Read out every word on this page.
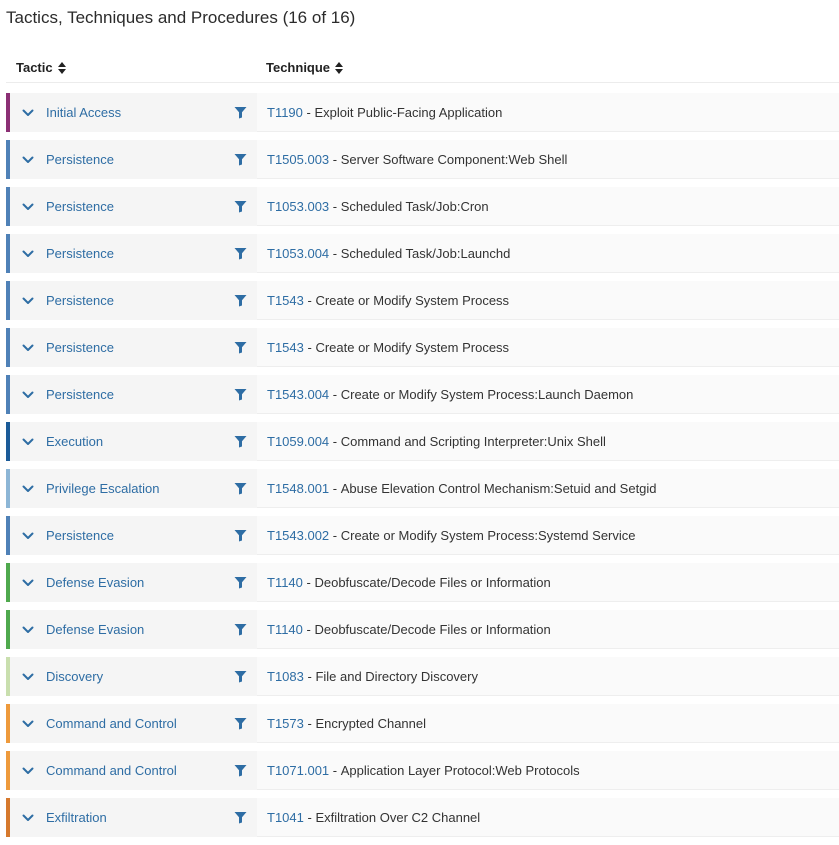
Tactics, Techniques and Procedures (16 of 16)
Tactic	Technique
Initial Access	T1190 - Exploit Public-Facing Application
Persistence	T1505.003 - Server Software Component:Web Shell
Persistence	T1053.003 - Scheduled Task/Job:Cron
Persistence	T1053.004 - Scheduled Task/Job:Launchd
Persistence	T1543 - Create or Modify System Process
Persistence	T1543 - Create or Modify System Process
Persistence	T1543.004 - Create or Modify System Process:Launch Daemon
Execution	T1059.004 - Command and Scripting Interpreter:Unix Shell
Privilege Escalation	T1548.001 - Abuse Elevation Control Mechanism:Setuid and Setgid
Persistence	T1543.002 - Create or Modify System Process:Systemd Service
Defense Evasion	T1140 - Deobfuscate/Decode Files or Information
Defense Evasion	T1140 - Deobfuscate/Decode Files or Information
Discovery	T1083 - File and Directory Discovery
Command and Control	T1573 - Encrypted Channel
Command and Control	T1071.001 - Application Layer Protocol:Web Protocols
Exfiltration	T1041 - Exfiltration Over C2 Channel
